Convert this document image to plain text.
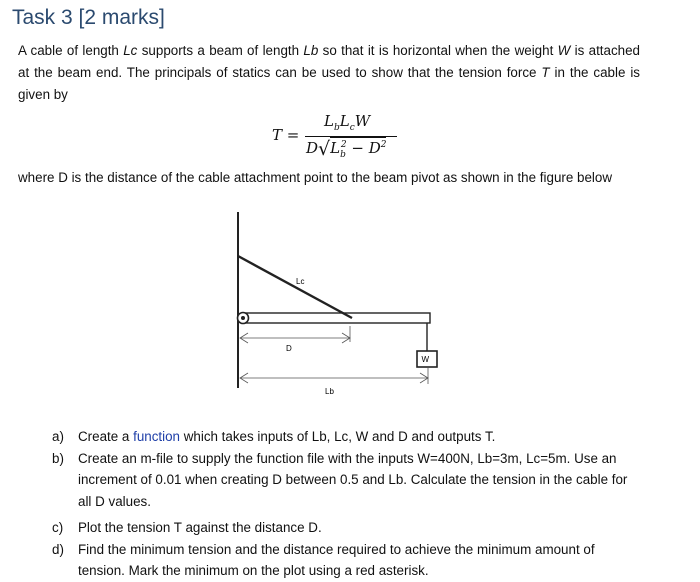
Task 3 [2 marks]
A cable of length Lc supports a beam of length Lb so that it is horizontal when the weight W is attached at the beam end. The principals of statics can be used to show that the tension force T in the cable is given by
T =
$L_bL_cW$
$D√L_b^2 - D^2$
where D is the distance of the cable attachment point to the beam pivot as shown in the figure below
Lc
W
D
Lb
a) Create a function which takes inputs of Lb, Lc, W and D and outputs T.
b) Create an m-file to supply the function file with the inputs W=400N, Lb=3m, Lc=5m. Use an increment of 0.01 when creating D between 0.5 and Lb. Calculate the tension in the cable for all D values.
c) Plot the tension T against the distance D.
d) Find the minimum tension and the distance required to achieve the minimum amount of tension. Mark the minimum on the plot using a red asterisk.
